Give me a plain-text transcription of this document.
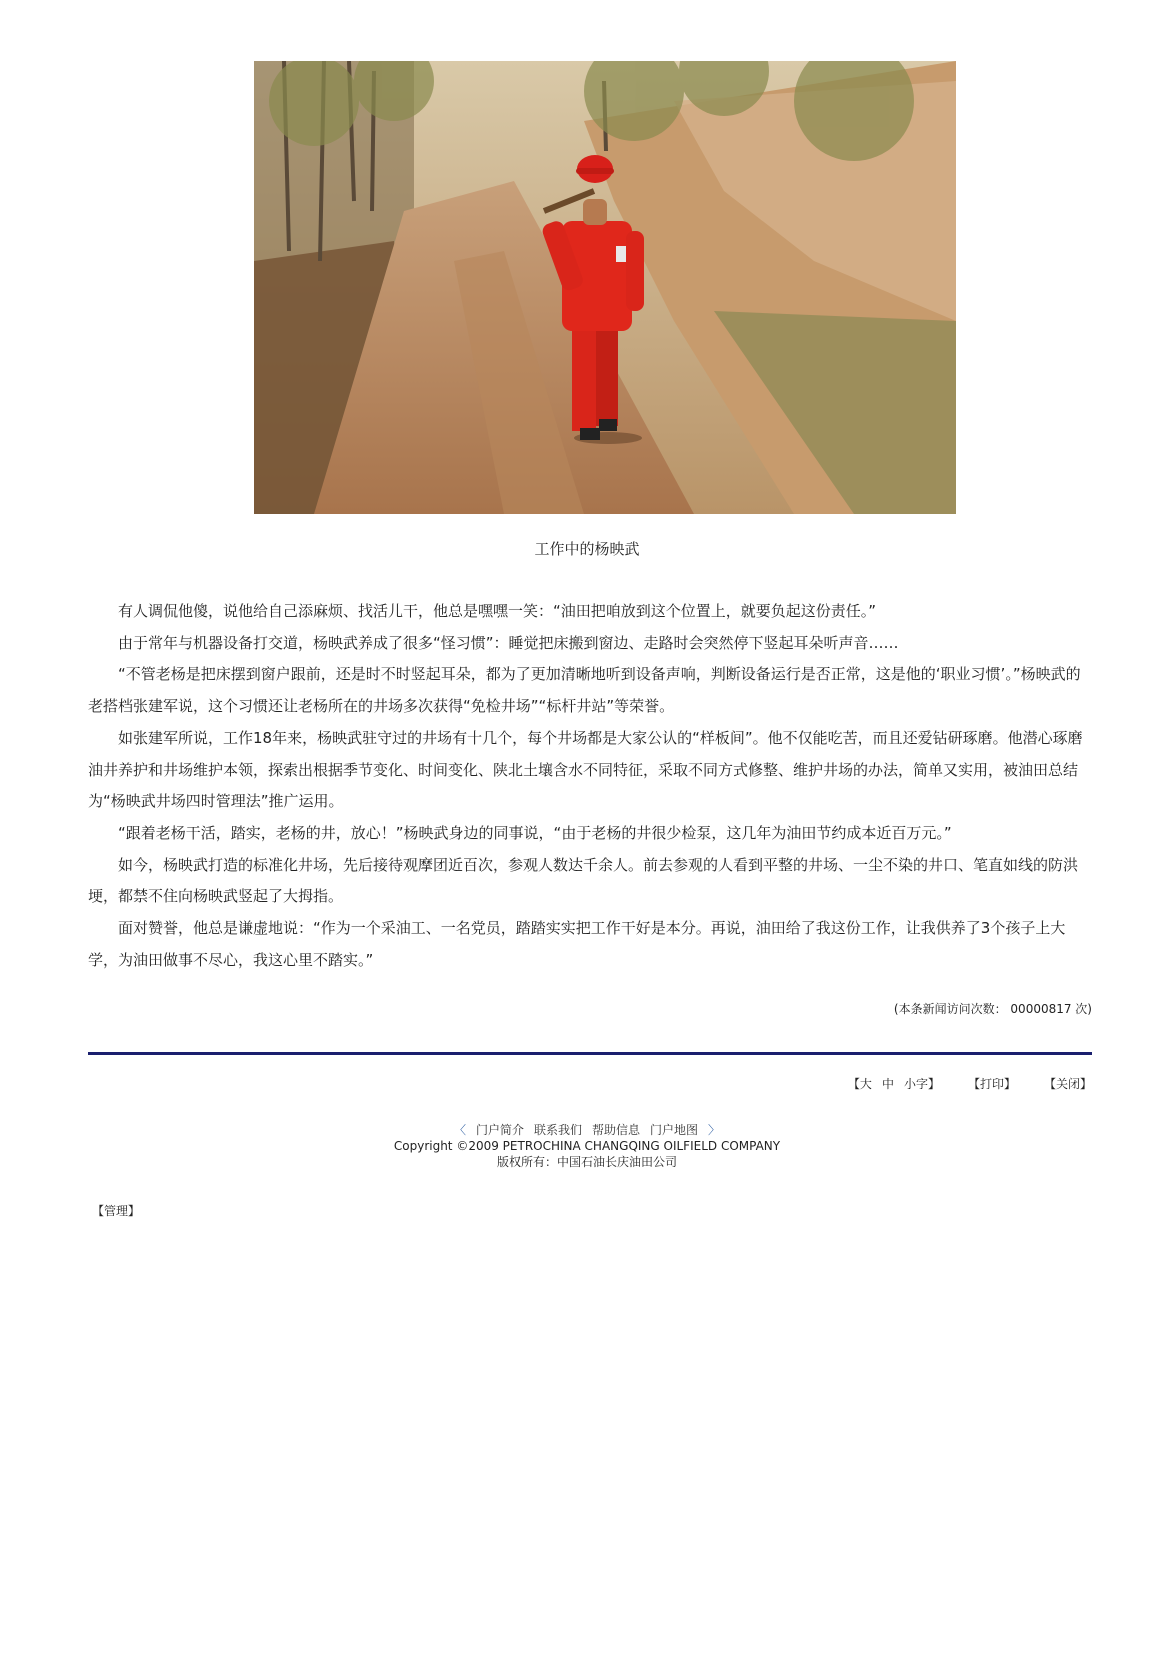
工作中的杨映武

有人调侃他傻，说他给自己添麻烦、找活儿干，他总是嘿嘿一笑：“油田把咱放到这个位置上，就要负起这份责任。”

由于常年与机器设备打交道，杨映武养成了很多“怪习惯”：睡觉把床搬到窗边、走路时会突然停下竖起耳朵听声音……

“不管老杨是把床摆到窗户跟前，还是时不时竖起耳朵，都为了更加清晰地听到设备声响，判断设备运行是否正常，这是他的‘职业习惯’。”杨映武的老搭档张建军说，这个习惯还让老杨所在的井场多次获得“免检井场”“标杆井站”等荣誉。

如张建军所说，工作18年来，杨映武驻守过的井场有十几个，每个井场都是大家公认的“样板间”。他不仅能吃苦，而且还爱钻研琢磨。他潜心琢磨油井养护和井场维护本领，探索出根据季节变化、时间变化、陕北土壤含水不同特征，采取不同方式修整、维护井场的办法，简单又实用，被油田总结为“杨映武井场四时管理法”推广运用。

“跟着老杨干活，踏实，老杨的井，放心！”杨映武身边的同事说，“由于老杨的井很少检泵，这几年为油田节约成本近百万元。”

如今，杨映武打造的标准化井场，先后接待观摩团近百次，参观人数达千余人。前去参观的人看到平整的井场、一尘不染的井口、笔直如线的防洪埂，都禁不住向杨映武竖起了大拇指。

面对赞誉，他总是谦虚地说：“作为一个采油工、一名党员，踏踏实实把工作干好是本分。再说，油田给了我这份工作，让我供养了3个孩子上大学，为油田做事不尽心，我这心里不踏实。”

(本条新闻访问次数： 00000817 次)
【大 中 小字】 【打印】 【关闭】
〈 门户简介 联系我们 帮助信息 门户地图 〉
Copyright ©2009 PETROCHINA CHANGQING OILFIELD COMPANY
版权所有：中国石油长庆油田公司
【管理】
